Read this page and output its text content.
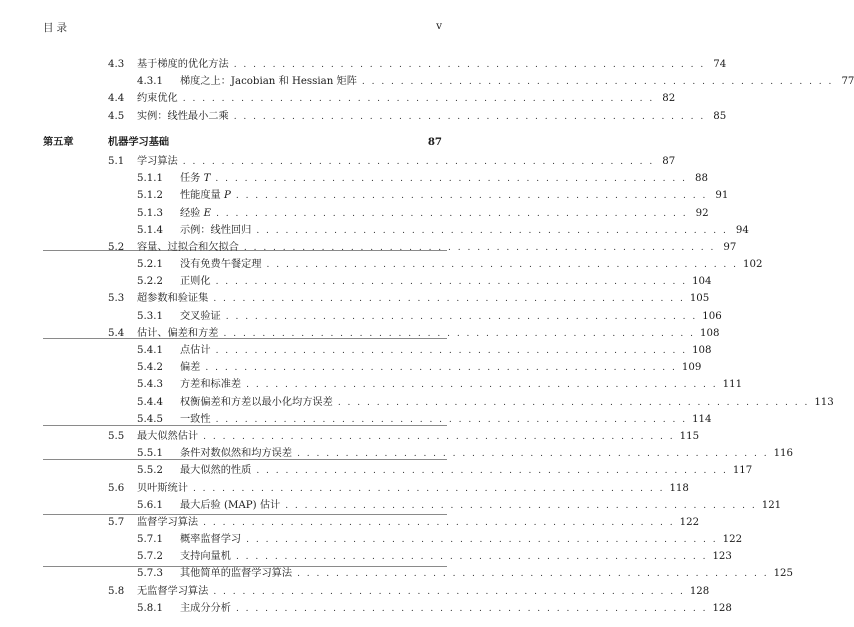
目录	v
4.3 基于梯度的优化方法 . . . . . . . . . . . . . . . . . . . . . . . . . . . . . . . . . . . . . . . . . . . . . . . . . 74
4.3.1 梯度之上：Jacobian 和 Hessian 矩阵 . . . . . . . . . . . . . . . . . . . . . . . . . . . . . . . . . . . . . . . . . . . . . . . . . 77
4.4 约束优化 . . . . . . . . . . . . . . . . . . . . . . . . . . . . . . . . . . . . . . . . . . . . . . . . . 82
4.5 实例：线性最小二乘 . . . . . . . . . . . . . . . . . . . . . . . . . . . . . . . . . . . . . . . . . . . . . . . . . 85
第五章	机器学习基础	87
5.1 学习算法 . . . . . . . . . . . . . . . . . . . . . . . . . . . . . . . . . . . . . . . . . . . . . . . . . 87
5.1.1 任务 T . . . . . . . . . . . . . . . . . . . . . . . . . . . . . . . . . . . . . . . . . . . . . . . . . 88
5.1.2 性能度量 P . . . . . . . . . . . . . . . . . . . . . . . . . . . . . . . . . . . . . . . . . . . . . . . . . 91
5.1.3 经验 E . . . . . . . . . . . . . . . . . . . . . . . . . . . . . . . . . . . . . . . . . . . . . . . . . 92
5.1.4 示例：线性回归 . . . . . . . . . . . . . . . . . . . . . . . . . . . . . . . . . . . . . . . . . . . . . . . . . 94
5.2 容量、过拟合和欠拟合 . . . . . . . . . . . . . . . . . . . . . . . . . . . . . . . . . . . . . . . . . . . . . . . . . 97
5.2.1 没有免费午餐定理 . . . . . . . . . . . . . . . . . . . . . . . . . . . . . . . . . . . . . . . . . . . . . . . . . 102
5.2.2 正则化 . . . . . . . . . . . . . . . . . . . . . . . . . . . . . . . . . . . . . . . . . . . . . . . . . 104
5.3 超参数和验证集 . . . . . . . . . . . . . . . . . . . . . . . . . . . . . . . . . . . . . . . . . . . . . . . . . 105
5.3.1 交叉验证 . . . . . . . . . . . . . . . . . . . . . . . . . . . . . . . . . . . . . . . . . . . . . . . . . 106
5.4 估计、偏差和方差 . . . . . . . . . . . . . . . . . . . . . . . . . . . . . . . . . . . . . . . . . . . . . . . . . 108
5.4.1 点估计 . . . . . . . . . . . . . . . . . . . . . . . . . . . . . . . . . . . . . . . . . . . . . . . . . 108
5.4.2 偏差 . . . . . . . . . . . . . . . . . . . . . . . . . . . . . . . . . . . . . . . . . . . . . . . . . 109
5.4.3 方差和标准差 . . . . . . . . . . . . . . . . . . . . . . . . . . . . . . . . . . . . . . . . . . . . . . . . . 111
5.4.4 权衡偏差和方差以最小化均方误差 . . . . . . . . . . . . . . . . . . . . . . . . . . . . . . . . . . . . . . . . . . . . . . . . . 113
5.4.5 一致性 . . . . . . . . . . . . . . . . . . . . . . . . . . . . . . . . . . . . . . . . . . . . . . . . . 114
5.5 最大似然估计 . . . . . . . . . . . . . . . . . . . . . . . . . . . . . . . . . . . . . . . . . . . . . . . . . 115
5.5.1 条件对数似然和均方误差 . . . . . . . . . . . . . . . . . . . . . . . . . . . . . . . . . . . . . . . . . . . . . . . . . 116
5.5.2 最大似然的性质 . . . . . . . . . . . . . . . . . . . . . . . . . . . . . . . . . . . . . . . . . . . . . . . . . 117
5.6 贝叶斯统计 . . . . . . . . . . . . . . . . . . . . . . . . . . . . . . . . . . . . . . . . . . . . . . . . . 118
5.6.1 最大后验 (MAP) 估计 . . . . . . . . . . . . . . . . . . . . . . . . . . . . . . . . . . . . . . . . . . . . . . . . . 121
5.7 监督学习算法 . . . . . . . . . . . . . . . . . . . . . . . . . . . . . . . . . . . . . . . . . . . . . . . . . 122
5.7.1 概率监督学习 . . . . . . . . . . . . . . . . . . . . . . . . . . . . . . . . . . . . . . . . . . . . . . . . . 122
5.7.2 支持向量机 . . . . . . . . . . . . . . . . . . . . . . . . . . . . . . . . . . . . . . . . . . . . . . . . . 123
5.7.3 其他简单的监督学习算法 . . . . . . . . . . . . . . . . . . . . . . . . . . . . . . . . . . . . . . . . . . . . . . . . . 125
5.8 无监督学习算法 . . . . . . . . . . . . . . . . . . . . . . . . . . . . . . . . . . . . . . . . . . . . . . . . . 128
5.8.1 主成分分析 . . . . . . . . . . . . . . . . . . . . . . . . . . . . . . . . . . . . . . . . . . . . . . . . . 128
